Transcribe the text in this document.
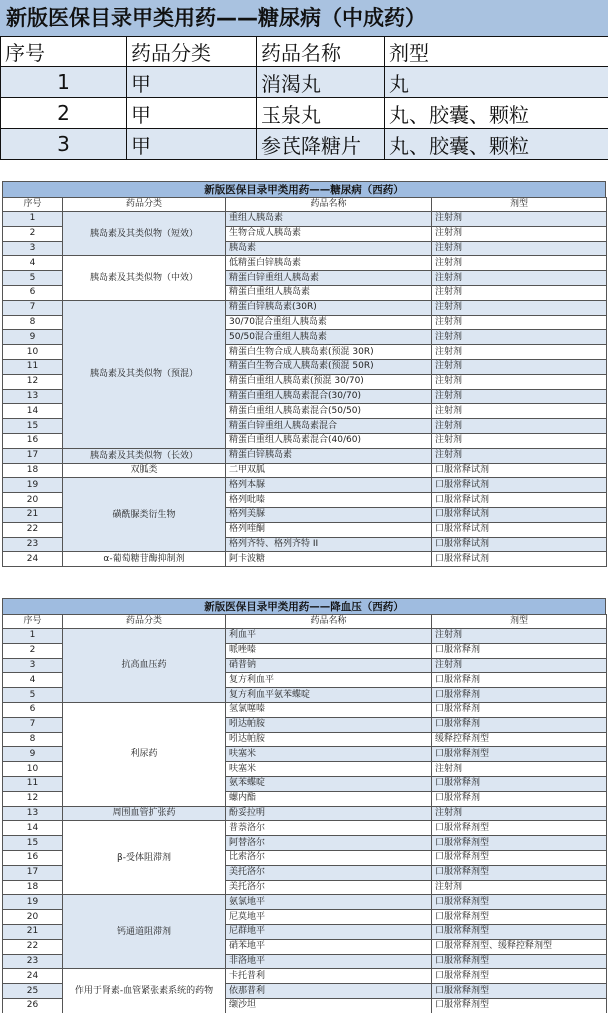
新版医保目录甲类用药——糖尿病（中成药）
序号	药品分类	药品名称	剂型
1	甲	消渴丸	丸
2	甲	玉泉丸	丸、胶囊、颗粒
3	甲	参芪降糖片	丸、胶囊、颗粒
新版医保目录甲类用药——糖尿病（西药）
序号	药品分类	药品名称	剂型
1	胰岛素及其类似物（短效）	重组人胰岛素	注射剂
2		生物合成人胰岛素	注射剂
3		胰岛素	注射剂
4	胰岛素及其类似物（中效）	低精蛋白锌胰岛素	注射剂
5		精蛋白锌重组人胰岛素	注射剂
6		精蛋白重组人胰岛素	注射剂
7	胰岛素及其类似物（预混）	精蛋白锌胰岛素(30R)	注射剂
8		30/70混合重组人胰岛素	注射剂
9		50/50混合重组人胰岛素	注射剂
10		精蛋白生物合成人胰岛素(预混 30R)	注射剂
11		精蛋白生物合成人胰岛素(预混 50R)	注射剂
12		精蛋白重组人胰岛素(预混 30/70)	注射剂
13		精蛋白重组人胰岛素混合(30/70)	注射剂
14		精蛋白重组人胰岛素混合(50/50)	注射剂
15		精蛋白锌重组人胰岛素混合	注射剂
16		精蛋白重组人胰岛素混合(40/60)	注射剂
17	胰岛素及其类似物（长效）	精蛋白锌胰岛素	注射剂
18	双胍类	二甲双胍	口服常释试剂
19	磺酰脲类衍生物	格列本脲	口服常释试剂
20		格列吡嗪	口服常释试剂
21		格列美脲	口服常释试剂
22		格列喹酮	口服常释试剂
23		格列齐特、格列齐特 II	口服常释试剂
24	α-葡萄糖苷酶抑制剂	阿卡波糖	口服常释试剂
新版医保目录甲类用药——降血压（西药）
序号	药品分类	药品名称	剂型
1	抗高血压药	利血平	注射剂
2		哌唑嗪	口服常释剂
3		硝普钠	注射剂
4		复方利血平	口服常释剂
5		复方利血平氨苯蝶啶	口服常释剂
6	利尿药	氢氯噻嗪	口服常释剂
7		吲达帕胺	口服常释剂
8		吲达帕胺	缓释控释剂型
9		呋塞米	口服常释剂型
10		呋塞米	注射剂
11		氨苯蝶啶	口服常释剂
12		螺内酯	口服常释剂
13	周围血管扩张药	酚妥拉明	注射剂
14	β-受体阻滞剂	普萘洛尔	口服常释剂型
15		阿替洛尔	口服常释剂型
16		比索洛尔	口服常释剂型
17		美托洛尔	口服常释剂型
18		美托洛尔	注射剂
19	钙通道阻滞剂	氨氯地平	口服常释剂型
20		尼莫地平	口服常释剂型
21		尼群地平	口服常释剂型
22		硝苯地平	口服常释剂型、缓释控释剂型
23		非洛地平	口服常释剂型
24	作用于肾素-血管紧张素系统的药物	卡托普利	口服常释剂型
25		依那普利	口服常释剂型
26		缬沙坦	口服常释剂型
